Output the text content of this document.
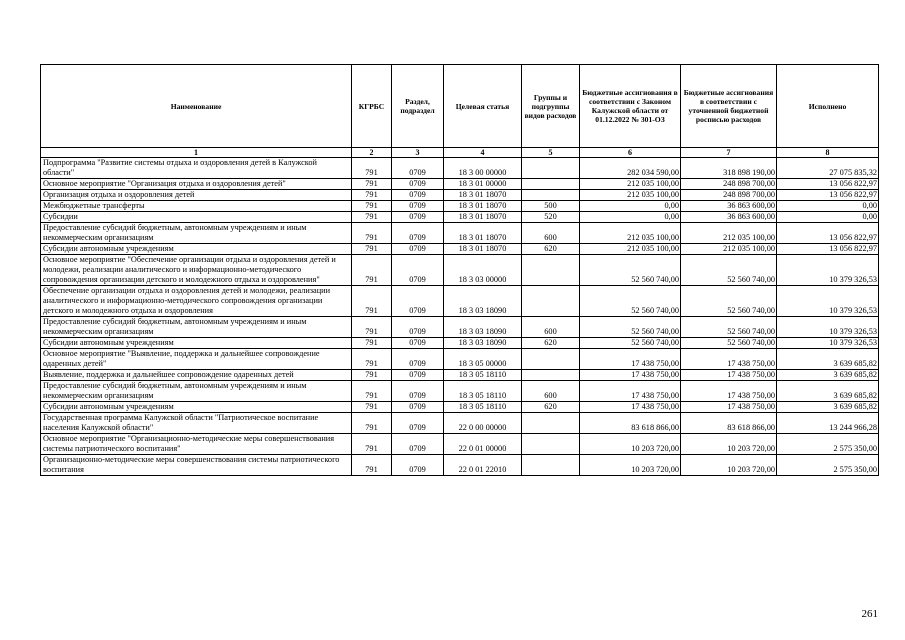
Наименование	КГРБС	Раздел, подраздел	Целевая статья	Группы и подгруппы видов расходов	Бюджетные ассигнования в соответствии с Законом Калужской области от 01.12.2022 № 301-ОЗ	Бюджетные ассигнования в соответствии с уточненной бюджетной росписью расходов	Исполнено
1	2	3	4	5	6	7	8
Подпрограмма "Развитие системы отдыха и оздоровления детей в Калужской области"	791	0709	18 3 00 00000		282 034 590,00	318 898 190,00	27 075 835,32
Основное мероприятие "Организация отдыха и оздоровления детей"	791	0709	18 3 01 00000		212 035 100,00	248 898 700,00	13 056 822,97
Организация отдыха и оздоровления детей	791	0709	18 3 01 18070		212 035 100,00	248 898 700,00	13 056 822,97
Межбюджетные трансферты	791	0709	18 3 01 18070	500	0,00	36 863 600,00	0,00
Субсидии	791	0709	18 3 01 18070	520	0,00	36 863 600,00	0,00
Предоставление субсидий бюджетным, автономным учреждениям и иным некоммерческим организациям	791	0709	18 3 01 18070	600	212 035 100,00	212 035 100,00	13 056 822,97
Субсидии автономным учреждениям	791	0709	18 3 01 18070	620	212 035 100,00	212 035 100,00	13 056 822,97
Основное мероприятие "Обеспечение организации отдыха и оздоровления детей и молодежи, реализации аналитического и информационно-методического сопровождения организации детского и молодежного отдыха и оздоровления"	791	0709	18 3 03 00000		52 560 740,00	52 560 740,00	10 379 326,53
Обеспечение организации отдыха и оздоровления детей и молодежи, реализации аналитического и информационно-методического сопровождения организации детского и молодежного отдыха и оздоровления	791	0709	18 3 03 18090		52 560 740,00	52 560 740,00	10 379 326,53
Предоставление субсидий бюджетным, автономным учреждениям и иным некоммерческим организациям	791	0709	18 3 03 18090	600	52 560 740,00	52 560 740,00	10 379 326,53
Субсидии автономным учреждениям	791	0709	18 3 03 18090	620	52 560 740,00	52 560 740,00	10 379 326,53
Основное мероприятие "Выявление, поддержка и дальнейшее сопровождение одаренных детей"	791	0709	18 3 05 00000		17 438 750,00	17 438 750,00	3 639 685,82
Выявление, поддержка и дальнейшее сопровождение одаренных детей	791	0709	18 3 05 18110		17 438 750,00	17 438 750,00	3 639 685,82
Предоставление субсидий бюджетным, автономным учреждениям и иным некоммерческим организациям	791	0709	18 3 05 18110	600	17 438 750,00	17 438 750,00	3 639 685,82
Субсидии автономным учреждениям	791	0709	18 3 05 18110	620	17 438 750,00	17 438 750,00	3 639 685,82
Государственная программа Калужской области "Патриотическое воспитание населения Калужской области"	791	0709	22 0 00 00000		83 618 866,00	83 618 866,00	13 244 966,28
Основное мероприятие "Организационно-методические меры совершенствования системы патриотического воспитания"	791	0709	22 0 01 00000		10 203 720,00	10 203 720,00	2 575 350,00
Организационно-методические меры совершенствования системы патриотического воспитания	791	0709	22 0 01 22010		10 203 720,00	10 203 720,00	2 575 350,00
261
